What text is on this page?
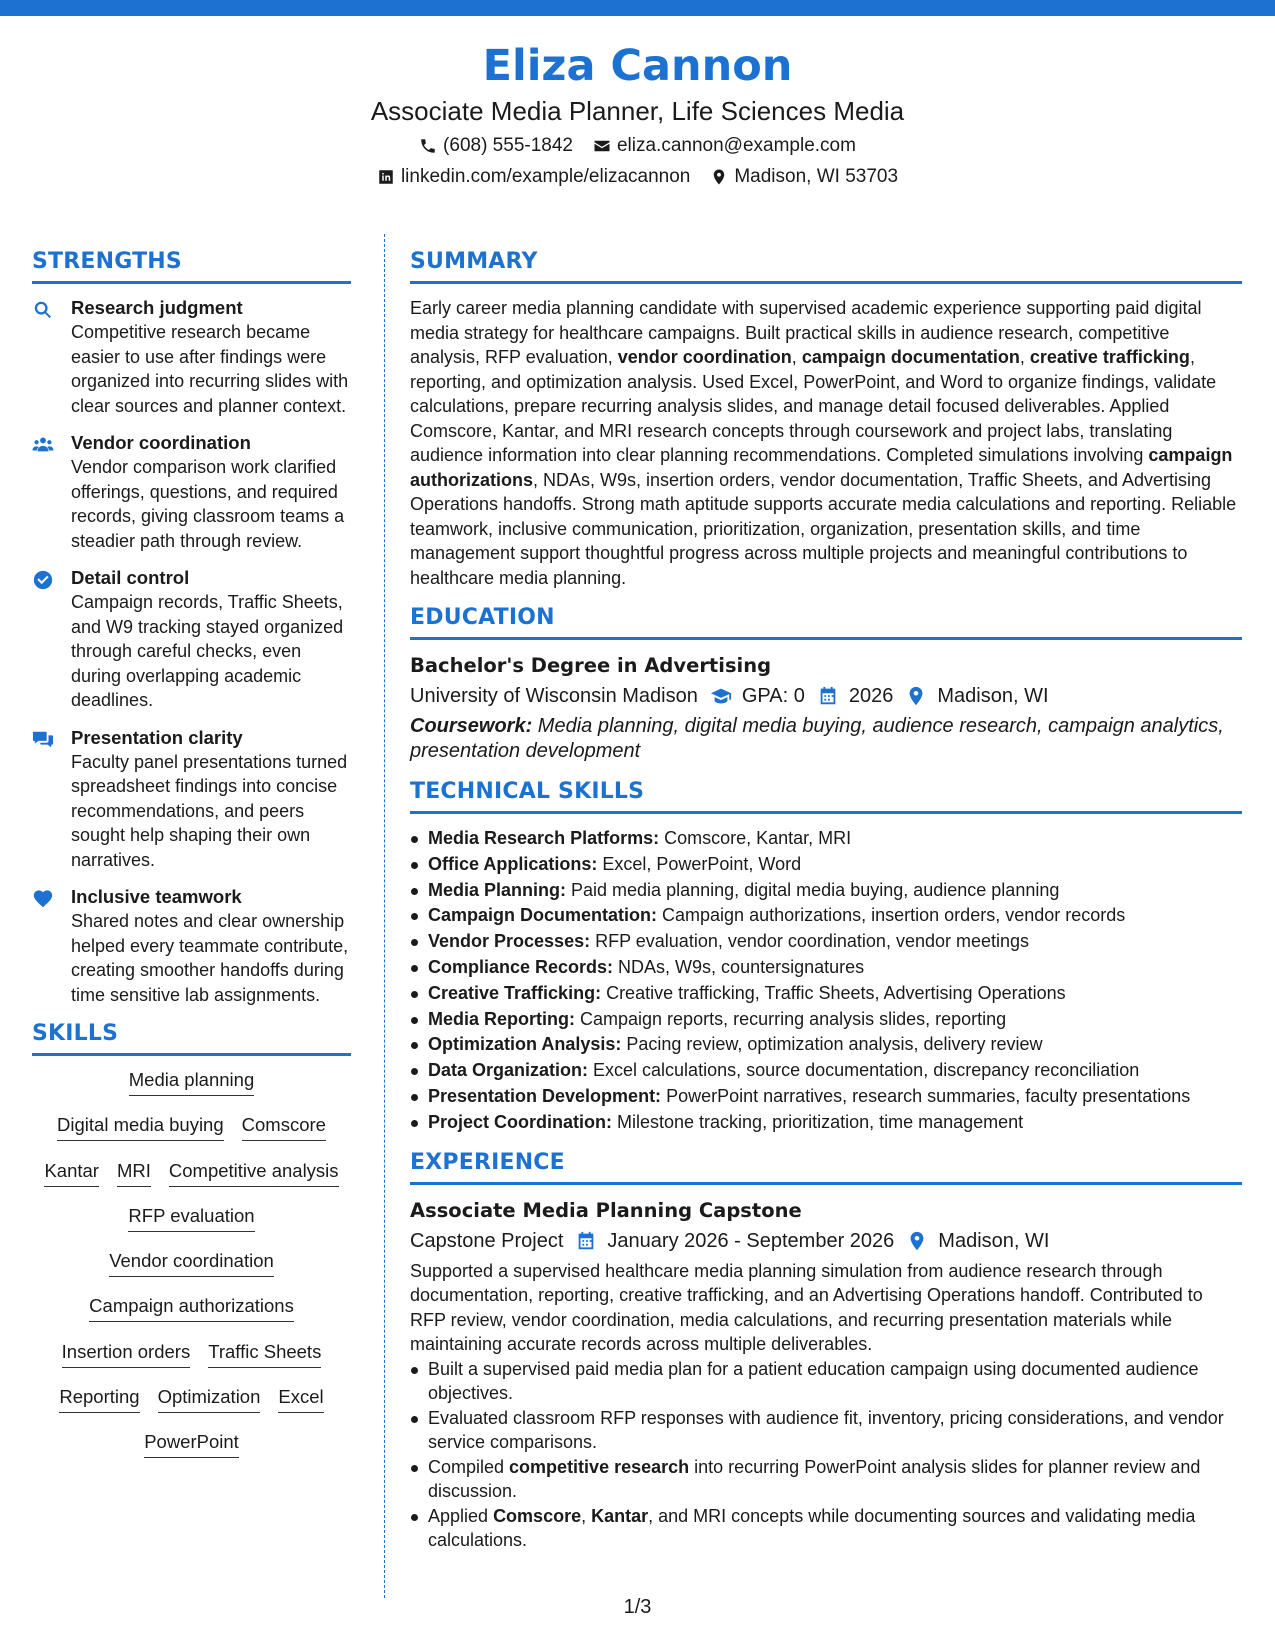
Eliza Cannon
Associate Media Planner, Life Sciences Media
(608) 555-1842 eliza.cannon@example.com
linkedin.com/example/elizacannon Madison, WI 53703
STRENGTHS
Research judgment
Competitive research became easier to use after findings were organized into recurring slides with clear sources and planner context.
Vendor coordination
Vendor comparison work clarified offerings, questions, and required records, giving classroom teams a steadier path through review.
Detail control
Campaign records, Traffic Sheets, and W9 tracking stayed organized through careful checks, even during overlapping academic deadlines.
Presentation clarity
Faculty panel presentations turned spreadsheet findings into concise recommendations, and peers sought help shaping their own narratives.
Inclusive teamwork
Shared notes and clear ownership helped every teammate contribute, creating smoother handoffs during time sensitive lab assignments.
SKILLS
Media planning
Digital media buying Comscore
Kantar MRI Competitive analysis
RFP evaluation
Vendor coordination
Campaign authorizations
Insertion orders Traffic Sheets
Reporting Optimization Excel
PowerPoint
SUMMARY

Early career media planning candidate with supervised academic experience supporting paid digital media strategy for healthcare campaigns. Built practical skills in audience research, competitive analysis, RFP evaluation, vendor coordination, campaign documentation, creative trafficking, reporting, and optimization analysis. Used Excel, PowerPoint, and Word to organize findings, validate calculations, prepare recurring analysis slides, and manage detail focused deliverables. Applied Comscore, Kantar, and MRI research concepts through coursework and project labs, translating audience information into clear planning recommendations. Completed simulations involving campaign authorizations, NDAs, W9s, insertion orders, vendor documentation, Traffic Sheets, and Advertising Operations handoffs. Strong math aptitude supports accurate media calculations and reporting. Reliable teamwork, inclusive communication, prioritization, organization, presentation skills, and time management support thoughtful progress across multiple projects and meaningful contributions to healthcare media planning.

EDUCATION
Bachelor's Degree in Advertising
University of Wisconsin Madison GPA: 0 2026 Madison, WI
Coursework: Media planning, digital media buying, audience research, campaign analytics, presentation development
TECHNICAL SKILLS
Media Research Platforms: Comscore, Kantar, MRI
Office Applications: Excel, PowerPoint, Word
Media Planning: Paid media planning, digital media buying, audience planning
Campaign Documentation: Campaign authorizations, insertion orders, vendor records
Vendor Processes: RFP evaluation, vendor coordination, vendor meetings
Compliance Records: NDAs, W9s, countersignatures
Creative Trafficking: Creative trafficking, Traffic Sheets, Advertising Operations
Media Reporting: Campaign reports, recurring analysis slides, reporting
Optimization Analysis: Pacing review, optimization analysis, delivery review
Data Organization: Excel calculations, source documentation, discrepancy reconciliation
Presentation Development: PowerPoint narratives, research summaries, faculty presentations
Project Coordination: Milestone tracking, prioritization, time management
EXPERIENCE
Associate Media Planning Capstone
Capstone Project January 2026 - September 2026 Madison, WI

Supported a supervised healthcare media planning simulation from audience research through documentation, reporting, creative trafficking, and an Advertising Operations handoff. Contributed to RFP review, vendor coordination, media calculations, and recurring presentation materials while maintaining accurate records across multiple deliverables.

Built a supervised paid media plan for a patient education campaign using documented audience objectives.
Evaluated classroom RFP responses with audience fit, inventory, pricing considerations, and vendor service comparisons.
Compiled competitive research into recurring PowerPoint analysis slides for planner review and discussion.
Applied Comscore, Kantar, and MRI concepts while documenting sources and validating media calculations.
1/3
